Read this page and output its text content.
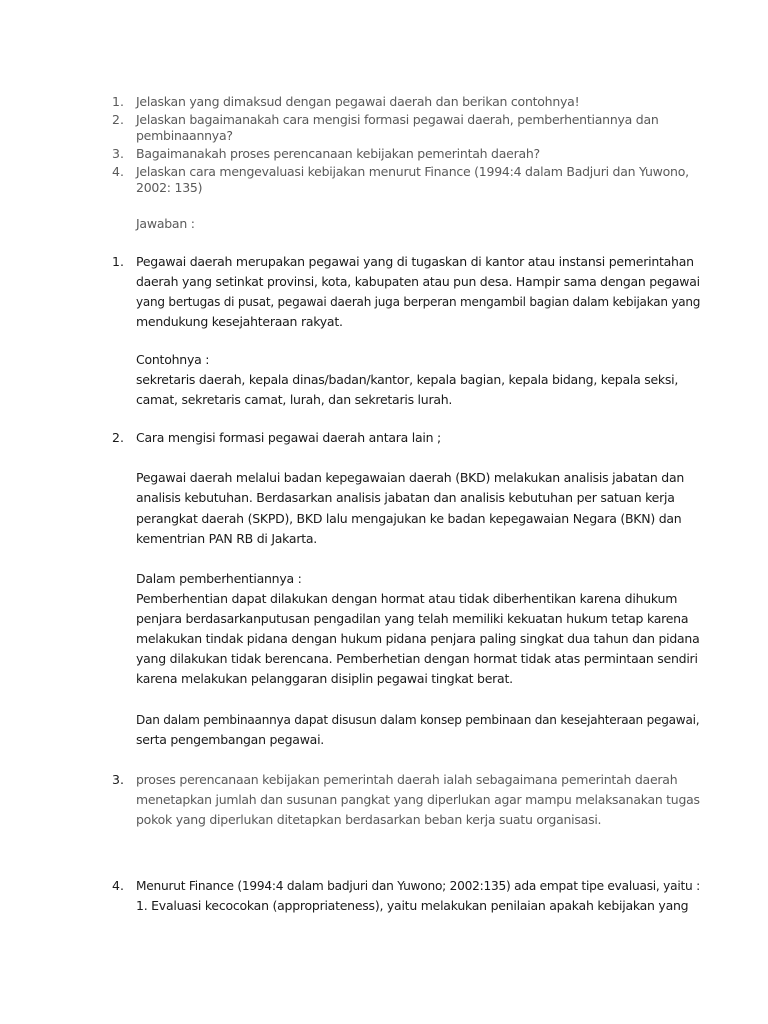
1. Jelaskan yang dimaksud dengan pegawai daerah dan berikan contohnya!
2. Jelaskan bagaimanakah cara mengisi formasi pegawai daerah, pemberhentiannya dan
pembinaannya?
3. Bagaimanakah proses perencanaan kebijakan pemerintah daerah?
4. Jelaskan cara mengevaluasi kebijakan menurut Finance (1994:4 dalam Badjuri dan Yuwono,
2002: 135)
Jawaban :
1. Pegawai daerah merupakan pegawai yang di tugaskan di kantor atau instansi pemerintahan
daerah yang setinkat provinsi, kota, kabupaten atau pun desa. Hampir sama dengan pegawai
yang bertugas di pusat, pegawai daerah juga berperan mengambil bagian dalam kebijakan yang
mendukung kesejahteraan rakyat.
Contohnya :
sekretaris daerah, kepala dinas/badan/kantor, kepala bagian, kepala bidang, kepala seksi,
camat, sekretaris camat, lurah, dan sekretaris lurah.
2. Cara mengisi formasi pegawai daerah antara lain ;
Pegawai daerah melalui badan kepegawaian daerah (BKD) melakukan analisis jabatan dan
analisis kebutuhan. Berdasarkan analisis jabatan dan analisis kebutuhan per satuan kerja
perangkat daerah (SKPD), BKD lalu mengajukan ke badan kepegawaian Negara (BKN) dan
kementrian PAN RB di Jakarta.
Dalam pemberhentiannya :
Pemberhentian dapat dilakukan dengan hormat atau tidak diberhentikan karena dihukum
penjara berdasarkanputusan pengadilan yang telah memiliki kekuatan hukum tetap karena
melakukan tindak pidana dengan hukum pidana penjara paling singkat dua tahun dan pidana
yang dilakukan tidak berencana. Pemberhetian dengan hormat tidak atas permintaan sendiri
karena melakukan pelanggaran disiplin pegawai tingkat berat.
Dan dalam pembinaannya dapat disusun dalam konsep pembinaan dan kesejahteraan pegawai,
serta pengembangan pegawai.
3. proses perencanaan kebijakan pemerintah daerah ialah sebagaimana pemerintah daerah
menetapkan jumlah dan susunan pangkat yang diperlukan agar mampu melaksanakan tugas
pokok yang diperlukan ditetapkan berdasarkan beban kerja suatu organisasi.
4. Menurut Finance (1994:4 dalam badjuri dan Yuwono; 2002:135) ada empat tipe evaluasi, yaitu :
1. Evaluasi kecocokan (appropriateness), yaitu melakukan penilaian apakah kebijakan yang
